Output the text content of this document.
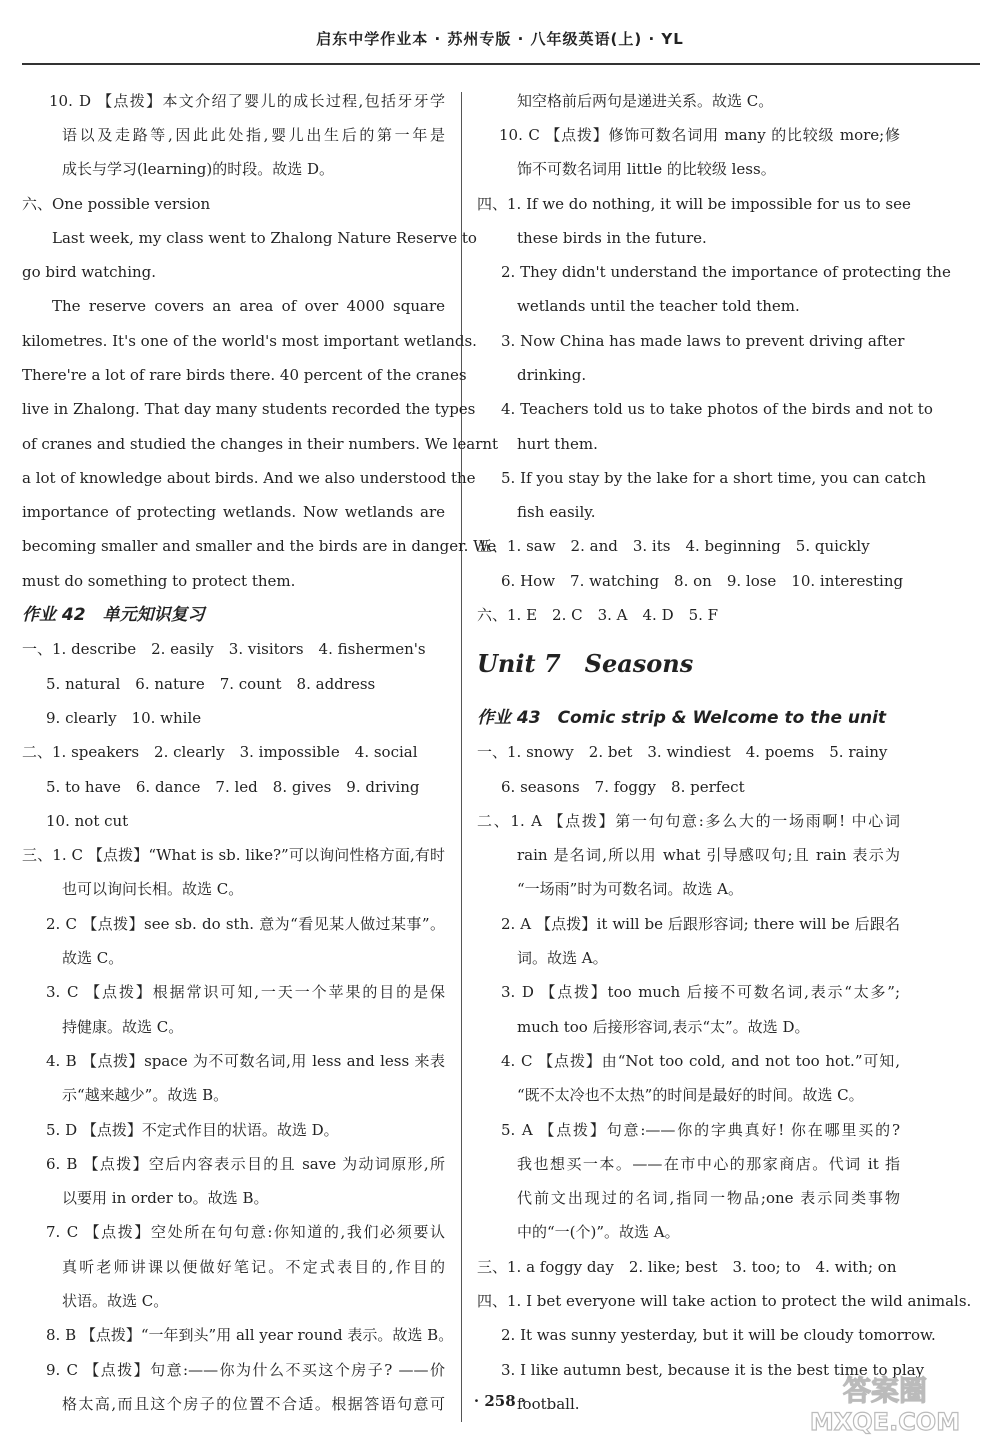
启东中学作业本 · 苏州专版 · 八年级英语(上) · YL
10. D 【点拨】本文介绍了婴儿的成长过程,包括牙牙学
语以及走路等,因此此处指,婴儿出生后的第一年是
成长与学习(learning)的时段。故选 D。
六、One possible version
Last week, my class went to Zhalong Nature Reserve to
go bird watching.
The reserve covers an area of over 4000 square
kilometres. It's one of the world's most important wetlands.
There're a lot of rare birds there. 40 percent of the cranes
live in Zhalong. That day many students recorded the types
of cranes and studied the changes in their numbers. We learnt
a lot of knowledge about birds. And we also understood the
importance of protecting wetlands. Now wetlands are
becoming smaller and smaller and the birds are in danger. We
must do something to protect them.
作业 42　单元知识复习
一、1. describe　2. easily　3. visitors　4. fishermen's
5. natural　6. nature　7. count　8. address
9. clearly　10. while
二、1. speakers　2. clearly　3. impossible　4. social
5. to have　6. dance　7. led　8. gives　9. driving
10. not cut
三、1. C 【点拨】“What is sb. like?”可以询问性格方面,有时
也可以询问长相。故选 C。
2. C 【点拨】see sb. do sth. 意为“看见某人做过某事”。
故选 C。
3. C 【点拨】根据常识可知,一天一个苹果的目的是保
持健康。故选 C。
4. B 【点拨】space 为不可数名词,用 less and less 来表
示“越来越少”。故选 B。
5. D 【点拨】不定式作目的状语。故选 D。
6. B 【点拨】空后内容表示目的且 save 为动词原形,所
以要用 in order to。故选 B。
7. C 【点拨】空处所在句句意:你知道的,我们必须要认
真听老师讲课以便做好笔记。不定式表目的,作目的
状语。故选 C。
8. B 【点拨】“一年到头”用 all year round 表示。故选 B。
9. C 【点拨】句意:——你为什么不买这个房子? ——价
格太高,而且这个房子的位置不合适。根据答语句意可
知空格前后两句是递进关系。故选 C。
10. C 【点拨】修饰可数名词用 many 的比较级 more;修
饰不可数名词用 little 的比较级 less。
四、1. If we do nothing, it will be impossible for us to see
these birds in the future.
2. They didn't understand the importance of protecting the
wetlands until the teacher told them.
3. Now China has made laws to prevent driving after
drinking.
4. Teachers told us to take photos of the birds and not to
hurt them.
5. If you stay by the lake for a short time, you can catch
fish easily.
五、1. saw　2. and　3. its　4. beginning　5. quickly
6. How　7. watching　8. on　9. lose　10. interesting
六、1. E　2. C　3. A　4. D　5. F
Unit 7　Seasons
作业 43　Comic strip & Welcome to the unit
一、1. snowy　2. bet　3. windiest　4. poems　5. rainy
6. seasons　7. foggy　8. perfect
二、1. A 【点拨】第一句句意:多么大的一场雨啊! 中心词
rain 是名词,所以用 what 引导感叹句;且 rain 表示为
“一场雨”时为可数名词。故选 A。
2. A 【点拨】it will be 后跟形容词; there will be 后跟名
词。故选 A。
3. D 【点拨】too much 后接不可数名词,表示“太多”;
much too 后接形容词,表示“太”。故选 D。
4. C 【点拨】由“Not too cold, and not too hot.”可知,
“既不太冷也不太热”的时间是最好的时间。故选 C。
5. A 【点拨】句意:——你的字典真好! 你在哪里买的?
我也想买一本。——在市中心的那家商店。代词 it 指
代前文出现过的名词,指同一物品;one 表示同类事物
中的“一(个)”。故选 A。
三、1. a foggy day　2. like; best　3. too; to　4. with; on
四、1. I bet everyone will take action to protect the wild animals.
2. It was sunny yesterday, but it will be cloudy tomorrow.
3. I like autumn best, because it is the best time to play
football.
· 258 ·	答案圈
MXQE.COM
